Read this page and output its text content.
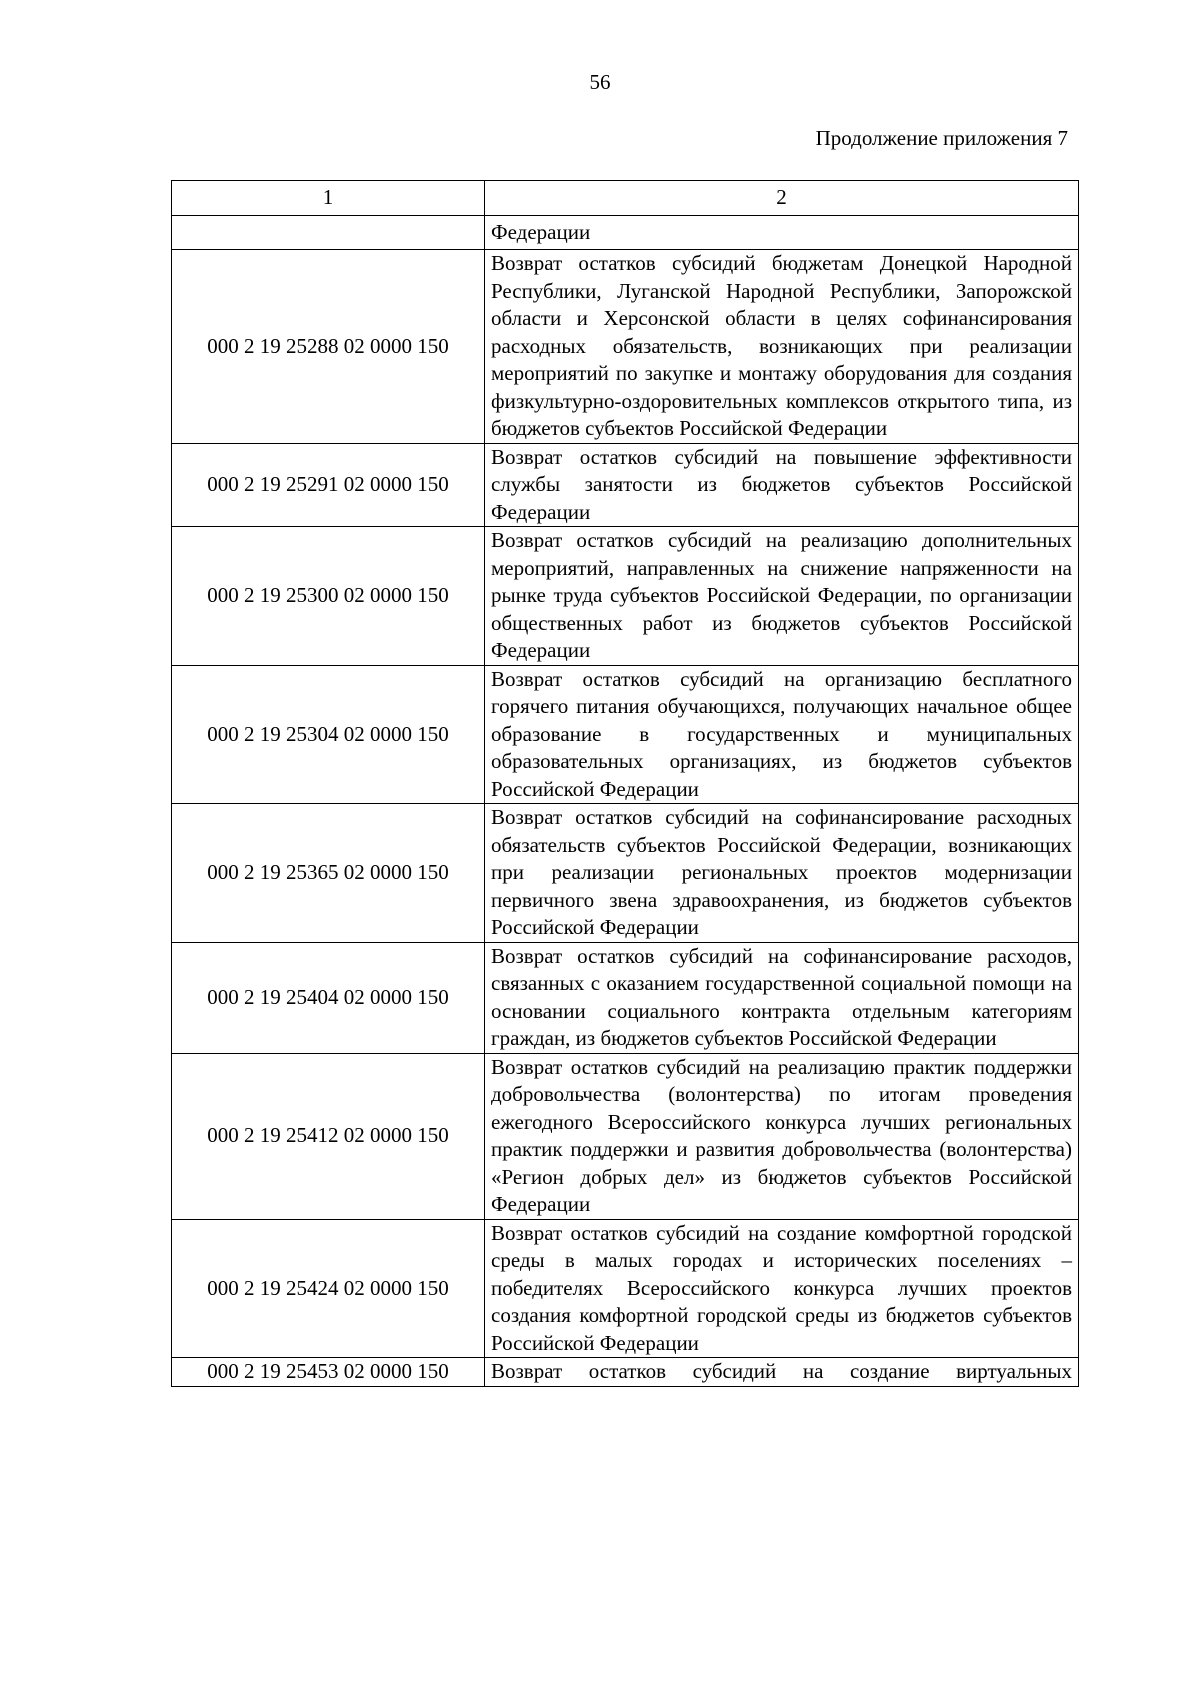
56
Продолжение приложения 7
1	2
	Федерации
000 2 19 25288 02 0000 150	Возврат остатков субсидий бюджетам Донецкой Народной Республики, Луганской Народной Республики, Запорожской области и Херсонской области в целях софинансирования расходных обязательств, возникающих при реализации мероприятий по закупке и монтажу оборудования для создания физкультурно-оздоровительных комплексов открытого типа, из бюджетов субъектов Российской Федерации
000 2 19 25291 02 0000 150	Возврат остатков субсидий на повышение эффективности службы занятости из бюджетов субъектов Российской Федерации
000 2 19 25300 02 0000 150	Возврат остатков субсидий на реализацию дополнительных мероприятий, направленных на снижение напряженности на рынке труда субъектов Российской Федерации, по организации общественных работ из бюджетов субъектов Российской Федерации
000 2 19 25304 02 0000 150	Возврат остатков субсидий на организацию бесплатного горячего питания обучающихся, получающих начальное общее образование в государственных и муниципальных образовательных организациях, из бюджетов субъектов Российской Федерации
000 2 19 25365 02 0000 150	Возврат остатков субсидий на софинансирование расходных обязательств субъектов Российской Федерации, возникающих при реализации региональных проектов модернизации первичного звена здравоохранения, из бюджетов субъектов Российской Федерации
000 2 19 25404 02 0000 150	Возврат остатков субсидий на софинансирование расходов, связанных с оказанием государственной социальной помощи на основании социального контракта отдельным категориям граждан, из бюджетов субъектов Российской Федерации
000 2 19 25412 02 0000 150	Возврат остатков субсидий на реализацию практик поддержки добровольчества (волонтерства) по итогам проведения ежегодного Всероссийского конкурса лучших региональных практик поддержки и развития добровольчества (волонтерства) «Регион добрых дел» из бюджетов субъектов Российской Федерации
000 2 19 25424 02 0000 150	Возврат остатков субсидий на создание комфортной городской среды в малых городах и исторических поселениях – победителях Всероссийского конкурса лучших проектов создания комфортной городской среды из бюджетов субъектов Российской Федерации
000 2 19 25453 02 0000 150	Возврат остатков субсидий на создание виртуальных
